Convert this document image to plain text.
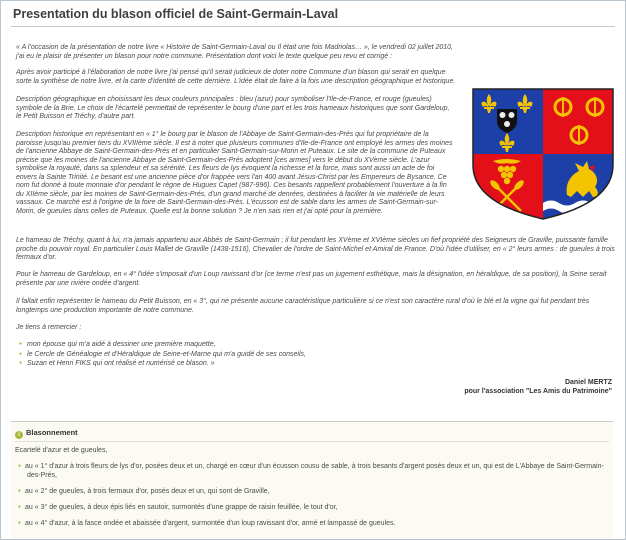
Presentation du blason officiel de Saint-Germain-Laval

« A l'occasion de la présentation de notre livre « Histoire de Saint-Germain-Laval ou Il était une fois Madriolas… », le vendredi 02 juillet 2010, j'ai eu le plaisir de présenter un blason pour notre commune. Présentation dont voici le texte quelque peu revu et corrigé :

Après avoir participé à l'élaboration de notre livre j'ai pensé qu'il serait judicieux de doter notre Commune d'un blason qui serait en quelque sorte la synthèse de notre livre, et la carte d'identité de cette dernière. L'idée était de faire à la fois une description géographique et historique.

Description géographique en choisissant les deux couleurs principales : bleu (azur) pour symboliser l'Ile-de-France, et rouge (gueules) symbole de la Brie. Le choix de l'écartelé permettait de représenter le bourg d'une part et les trois hameaux historiques que sont Gardeloup, le Petit Buisson et Tréchy, d'autre part.

Description historique en représentant en « 1° le bourg par le blason de l'Abbaye de Saint-Germain-des-Prés qui fut propriétaire de la paroisse jusqu'au premier tiers du XVIIIème siècle. Il est à noter que plusieurs communes d'Ile-de-France ont employé les armes des moines de l'ancienne Abbaye de Saint-Germain-des-Prés et en particulier Saint-Germain-sur-Morin et Puteaux. Le site de la commune de Puteaux précise que les moines de l'ancienne Abbaye de Saint-Germain-des-Prés adoptent [ces armes] vers le début du XVème siècle. L'azur symbolise la royauté, dans sa splendeur et sa sérénité. Les fleurs de lys évoquent la richesse et la force, mais sont aussi un acte de foi envers la Sainte Trinité. Le besant est une ancienne pièce d'or frappée vers l'an 400 avant Jésus-Christ par les Empereurs de Bysance. Ce nom fut donné à toute monnaie d'or pendant le règne de Hugues Capet (987-996). Ces besants rappellent probablement l'ouverture à la fin du XIIème siècle, par les moines de Saint-Germain-des-Prés, d'un grand marché de denrées, destinées à faciliter la vie matérielle de leurs vassaux. Ce marché est à l'origine de la foire de Saint-Germain-des-Prés. L'écusson est de sable dans les armes de Saint-Germain-sur-Morin, de gueules dans celles de Puteaux. Quelle est la bonne solution ? Je n'en sais rien et j'ai opté pour la première.

Le hameau de Tréchy, quant à lui, n'a jamais appartenu aux Abbés de Saint-Germain ; il fut pendant les XVème et XVIème siècles un fief propriété des Seigneurs de Graville, puissante famille proche du pouvoir royal. En particulier Louis Mallet de Graville (1438-1516), Chevalier de l'ordre de Saint-Michel et Amiral de France. D'où l'idée d'utiliser, en « 2° leurs armes : de gueules à trois fermaux d'or.

Pour le hameau de Gardeloup, en « 4° l'idée s'imposait d'un Loup ravissant d'or (ce terme n'est pas un jugement esthétique, mais la désignation, en héraldique, de sa position), la Seine serait présente par une rivière ondée d'argent.

Il fallait enfin représenter le hameau du Petit Buisson, en « 3°, qui ne présente aucune caractéristique particulière si ce n'est son caractère rural d'où le blé et la vigne qui fut pendant très longtemps une production importante de notre commune.

Je tiens à remercier :

● mon épouse qui m'a aidé à dessiner une première maquette,
● le Cercle de Généalogie et d'Héraldique de Seine-et-Marne qui m'a guidé de ses conseils,
● Suzan et Henri FIKS qui ont réalisé et numérisé ce blason. »
Daniel MERTZ
pour l'association "Les Amis du Patrimoine"
i Blasonnement
Ecartelé d'azur et de gueules,
● au « 1° d'azur à trois fleurs de lys d'or, posées deux et un, chargé en cœur d'un écusson cousu de sable, à trois besants d'argent posés deux et un, qui est de L'Abbaye de Saint-Germain-des-Prés,
● au « 2° de gueules, à trois fermaux d'or, posés deux et un, qui sont de Graville,
● au « 3° de gueules, à deux épis liés en sautoir, surmontés d'une grappe de raisin feuillée, le tout d'or,
● au « 4° d'azur, à la fasce ondée et abaissée d'argent, surmontée d'un loup ravissant d'or, armé et lampassé de gueules.
